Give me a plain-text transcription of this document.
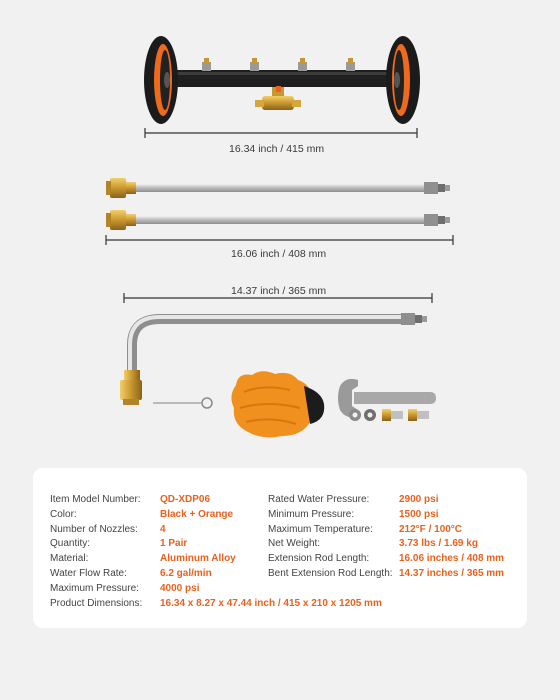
16.34 inch / 415 mm
16.06 inch / 408 mm
14.37 inch / 365 mm
Item Model Number: QD-XDP06
Color:	Black + Orange
Number of Nozzles: 4
Quantity:	1 Pair
Material:	Aluminum Alloy
Water Flow Rate:	6.2 gal/min
Maximum Pressure: 4000 psi
Product Dimensions: 16.34 x 8.27 x 47.44 inch / 415 x 210 x 1205 mm
Rated Water Pressure:	2900 psi
Minimum Pressure:	1500 psi
Maximum Temperature:	212°F / 100°C
Net Weight:	3.73 lbs / 1.69 kg
Extension Rod Length:	16.06 inches / 408 mm
Bent Extension Rod Length: 14.37 inches / 365 mm
